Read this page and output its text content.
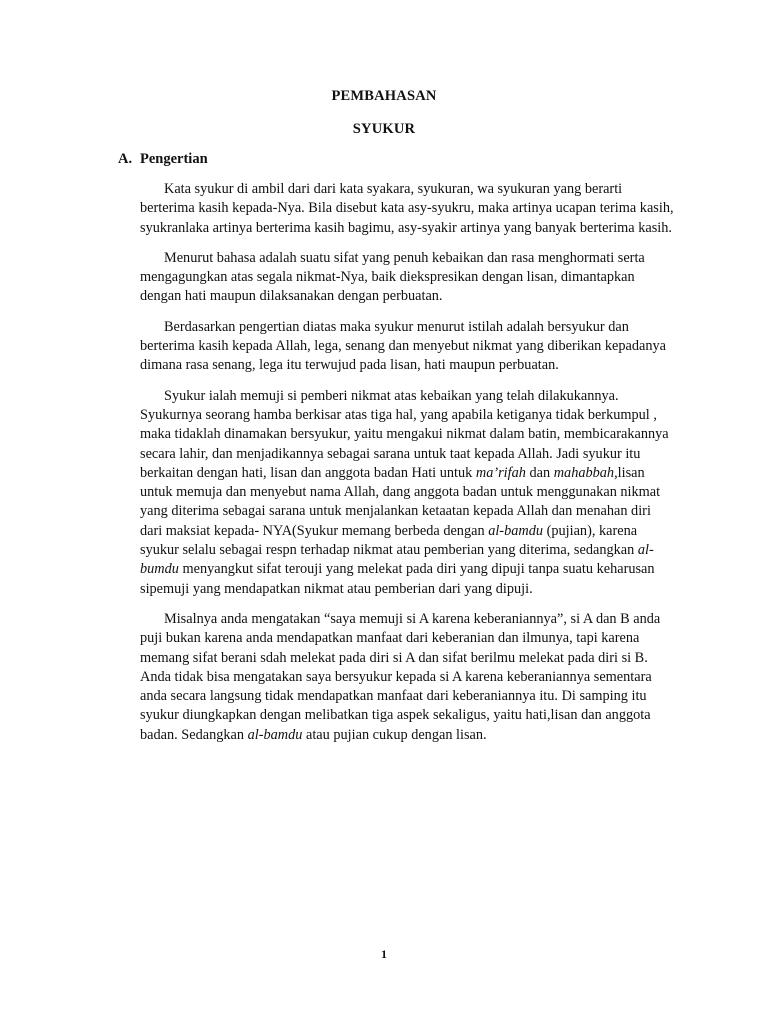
PEMBAHASAN
SYUKUR
A. Pengertian

Kata syukur di ambil dari dari kata syakara, syukuran, wa syukuran yang berarti berterima kasih kepada-Nya. Bila disebut kata asy-syukru, maka artinya ucapan terima kasih, syukranlaka artinya berterima kasih bagimu, asy-syakir artinya yang banyak berterima kasih.

Menurut bahasa adalah suatu sifat yang penuh kebaikan dan rasa menghormati serta mengagungkan atas segala nikmat-Nya, baik diekspresikan dengan lisan, dimantapkan dengan hati maupun dilaksanakan dengan perbuatan.

Berdasarkan pengertian diatas maka syukur menurut istilah adalah bersyukur dan berterima kasih kepada Allah, lega, senang dan menyebut nikmat yang diberikan kepadanya dimana rasa senang, lega itu terwujud pada lisan, hati maupun perbuatan.

Syukur ialah memuji si pemberi nikmat atas kebaikan yang telah dilakukannya. Syukurnya seorang hamba berkisar atas tiga hal, yang apabila ketiganya tidak berkumpul , maka tidaklah dinamakan bersyukur, yaitu mengakui nikmat dalam batin, membicarakannya secara lahir, dan menjadikannya sebagai sarana untuk taat kepada Allah. Jadi syukur itu berkaitan dengan hati, lisan dan anggota badan Hati untuk ma’rifah dan mahabbah,lisan untuk memuja dan menyebut nama Allah, dang anggota badan untuk menggunakan nikmat yang diterima sebagai sarana untuk menjalankan ketaatan kepada Allah dan menahan diri dari maksiat kepada- NYA(Syukur memang berbeda dengan al-bamdu (pujian), karena syukur selalu sebagai respn terhadap nikmat atau pemberian yang diterima, sedangkan al-bumdu menyangkut sifat terouji yang melekat pada diri yang dipuji tanpa suatu keharusan sipemuji yang mendapatkan nikmat atau pemberian dari yang dipuji.

Misalnya anda mengatakan “saya memuji si A karena keberaniannya”, si A dan B anda puji bukan karena anda mendapatkan manfaat dari keberanian dan ilmunya, tapi karena memang sifat berani sdah melekat pada diri si A dan sifat berilmu melekat pada diri si B. Anda tidak bisa mengatakan saya bersyukur kepada si A karena keberaniannya sementara anda secara langsung tidak mendapatkan manfaat dari keberaniannya itu. Di samping itu syukur diungkapkan dengan melibatkan tiga aspek sekaligus, yaitu hati,lisan dan anggota badan. Sedangkan al-bamdu atau pujian cukup dengan lisan.

1
